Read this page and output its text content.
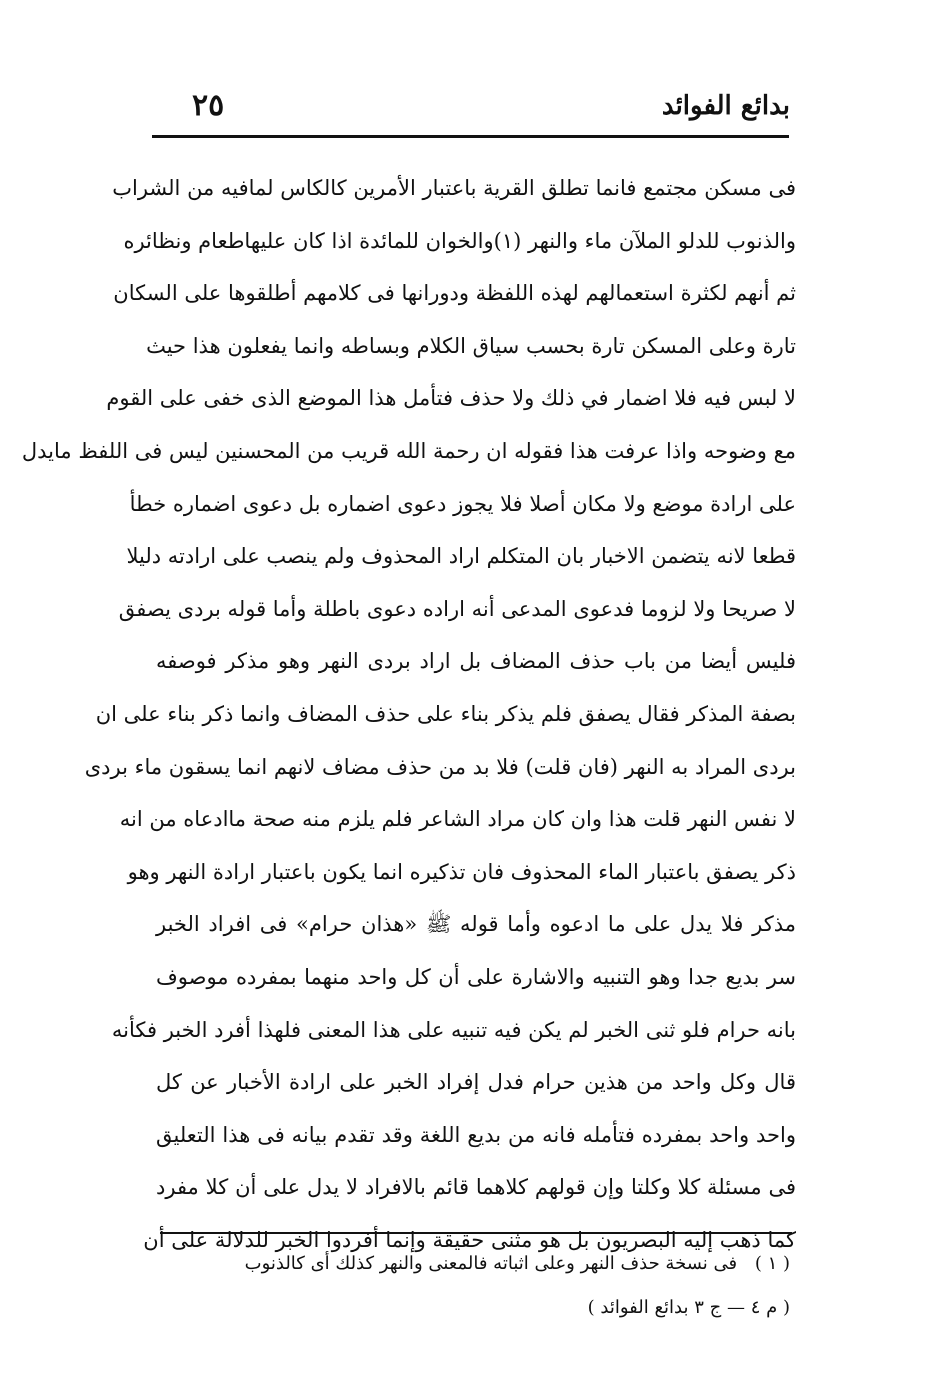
بدائع الفوائد
٢٥
فى مسكن مجتمع فانما تطلق القرية باعتبار الأمرين كالكاس لمافيه من الشراب
والذنوب للدلو الملآن ماء والنهر (١)والخوان للمائدة اذا كان عليهاطعام ونظائره
ثم أنهم لكثرة استعمالهم لهذه اللفظة ودورانها فى كلامهم أطلقوها على السكان
تارة وعلى المسكن تارة بحسب سياق الكلام وبساطه وانما يفعلون هذا حيث
لا لبس فيه فلا اضمار في ذلك ولا حذف فتأمل هذا الموضع الذى خفى على القوم
مع وضوحه واذا عرفت هذا فقوله ان رحمة الله قريب من المحسنين ليس فى اللفظ مايدل
على ارادة موضع ولا مكان أصلا فلا يجوز دعوى اضماره بل دعوى اضماره خطأ
قطعا لانه يتضمن الاخبار بان المتكلم اراد المحذوف ولم ينصب على ارادته دليلا
لا صريحا ولا لزوما فدعوى المدعى أنه اراده دعوى باطلة وأما قوله بردى يصفق
فليس أيضا من باب حذف المضاف بل اراد بردى النهر وهو مذكر فوصفه
بصفة المذكر فقال يصفق فلم يذكر بناء على حذف المضاف وانما ذكر بناء على ان
بردى المراد به النهر (فان قلت) فلا بد من حذف مضاف لانهم انما يسقون ماء بردى
لا نفس النهر قلت هذا وان كان مراد الشاعر فلم يلزم منه صحة ماادعاه من انه
ذكر يصفق باعتبار الماء المحذوف فان تذكيره انما يكون باعتبار ارادة النهر وهو
مذكر فلا يدل على ما ادعوه وأما قوله ﷺ «هذان حرام» فى افراد الخبر
سر بديع جدا وهو التنبيه والاشارة على أن كل واحد منهما بمفرده موصوف
بانه حرام فلو ثنى الخبر لم يكن فيه تنبيه على هذا المعنى فلهذا أفرد الخبر فكأنه
قال وكل واحد من هذين حرام فدل إفراد الخبر على ارادة الأخبار عن كل
واحد واحد بمفرده فتأمله فانه من بديع اللغة وقد تقدم بيانه فى هذا التعليق
فى مسئلة كلا وكلتا وإن قولهم كلاهما قائم بالافراد لا يدل على أن كلا مفرد
كما ذهب إليه البصريون بل هو مثنى حقيقة وإنما أفردوا الخبر للدلالة على أن
( ١ ) فى نسخة حذف النهر وعلى اثباته فالمعنى والنهر كذلك أى كالذنوب
( م ٤ — ج ٣ بدائع الفوائد )
